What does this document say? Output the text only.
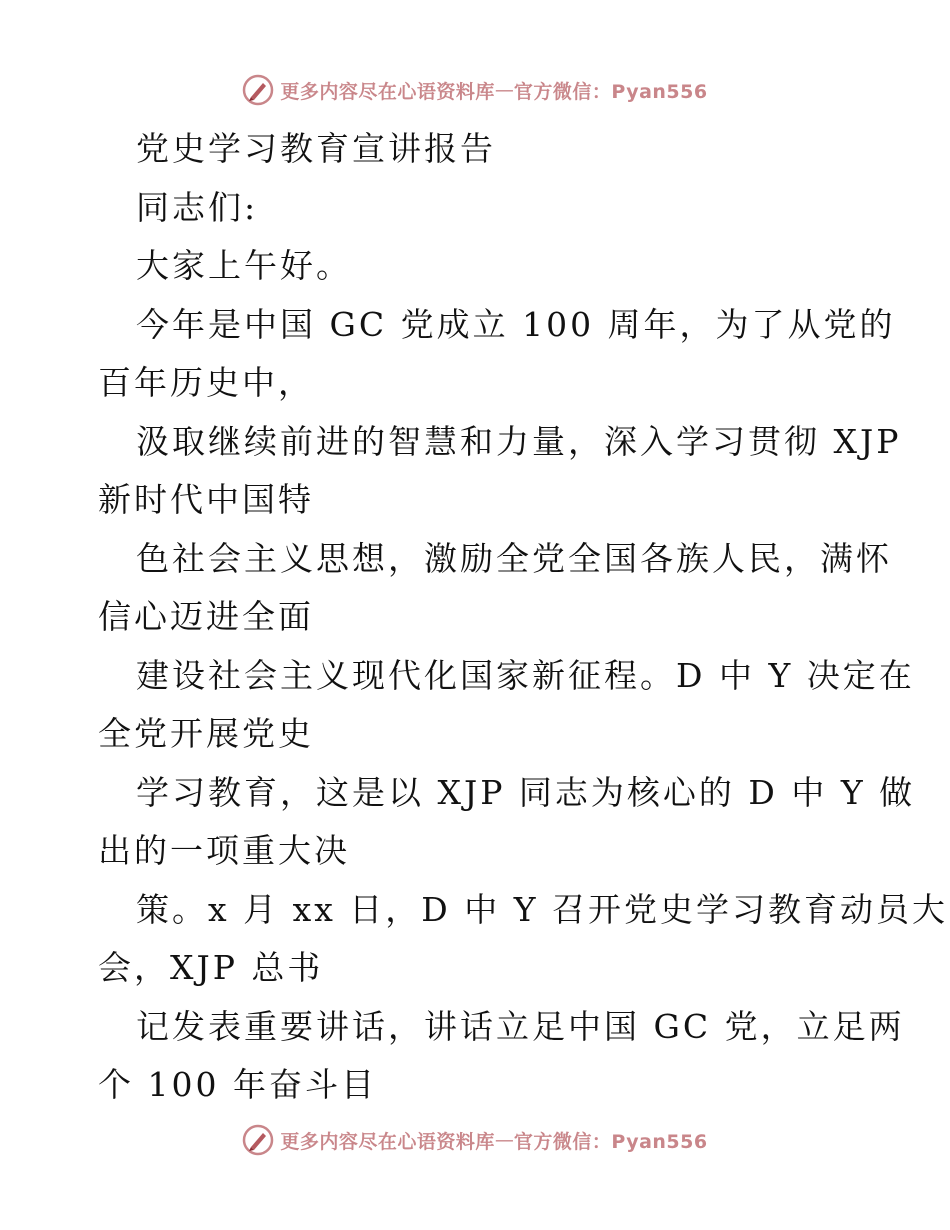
更多内容尽在心语资料库 — 官方微信：Pyan556
党史学习教育宣讲报告
同志们:
大家上午好。
今年是中国 GC 党成立 100 周年，为了从党的
百年历史中，
汲取继续前进的智慧和力量，深入学习贯彻 XJP
新时代中国特
色社会主义思想，激励全党全国各族人民，满怀
信心迈进全面
建设社会主义现代化国家新征程。D 中 Y 决定在
全党开展党史
学习教育，这是以 XJP 同志为核心的 D 中 Y 做
出的一项重大决
策。x 月 xx 日，D 中 Y 召开党史学习教育动员大
会，XJP 总书
记发表重要讲话，讲话立足中国 GC 党，立足两
个 100 年奋斗目
更多内容尽在心语资料库 — 官方微信：Pyan556
